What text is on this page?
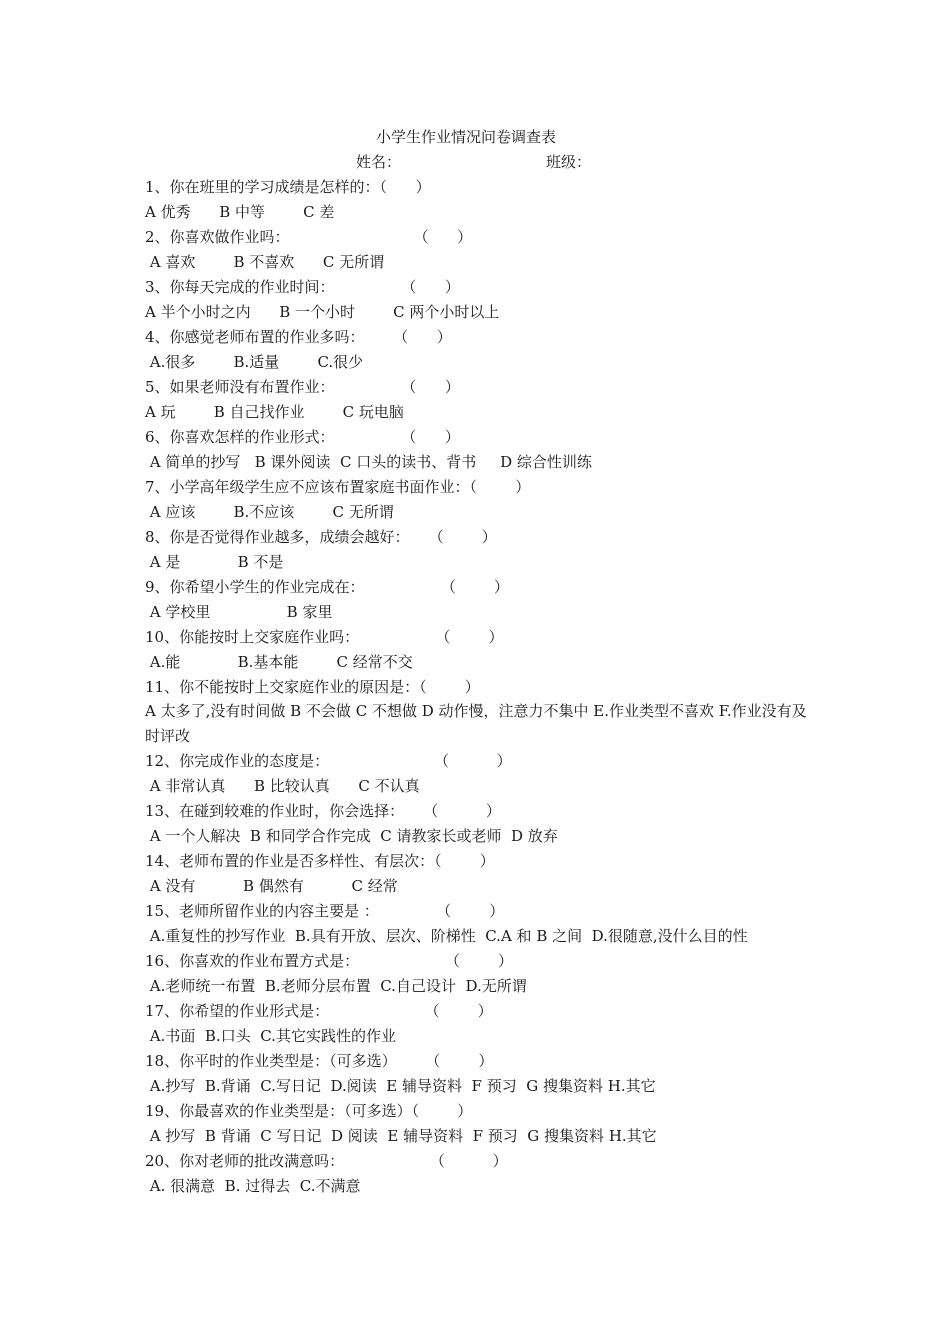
小学生作业情况问卷调查表
姓名：	班级：
1、你在班里的学习成绩是怎样的：（      ）
A 优秀      B 中等        C 差
2、你喜欢做作业吗：                          （      ）
A 喜欢        B 不喜欢      C 无所谓
3、你每天完成的作业时间：              （      ）
A 半个小时之内      B 一个小时        C 两个小时以上
4、你感觉老师布置的作业多吗：      （      ）
A.很多        B.适量        C.很少
5、如果老师没有布置作业：              （      ）
A 玩        B 自己找作业        C 玩电脑
6、你喜欢怎样的作业形式：              （      ）
A 简单的抄写   B 课外阅读  C 口头的读书、背书     D 综合性训练
7、小学高年级学生应不应该布置家庭书面作业：（        ）
A 应该        B.不应该        C 无所谓
8、你是否觉得作业越多，成绩会越好：    （        ）
A 是            B 不是
9、你希望小学生的作业完成在：                （        ）
A 学校里                B 家里
10、你能按时上交家庭作业吗：                （        ）
A.能            B.基本能        C 经常不交
11、你不能按时上交家庭作业的原因是：（        ）
A 太多了,没有时间做 B 不会做 C 不想做 D 动作慢，注意力不集中 E.作业类型不喜欢 F.作业没有及时评改
12、你完成作业的态度是：                      （          ）
A 非常认真      B 比较认真      C 不认真
13、在碰到较难的作业时，你会选择：    （          ）
A 一个人解决  B 和同学合作完成  C 请教家长或老师  D 放弃
14、老师布置的作业是否多样性、有层次：（        ）
A 没有          B 偶然有          C 经常
15、老师所留作业的内容主要是 ：            （        ）
A.重复性的抄写作业  B.具有开放、层次、阶梯性  C.A 和 B 之间  D.很随意,没什么目的性
16、你喜欢的作业布置方式是：                  （        ）
A.老师统一布置  B.老师分层布置  C.自己设计  D.无所谓
17、你希望的作业形式是：                    （        ）
A.书面  B.口头  C.其它实践性的作业
18、你平时的作业类型是：（可多选）      （        ）
A.抄写  B.背诵  C.写日记  D.阅读  E 辅导资料  F 预习  G 搜集资料 H.其它
19、你最喜欢的作业类型是：（可多选）（        ）
A 抄写  B 背诵  C 写日记  D 阅读  E 辅导资料  F 预习  G 搜集资料 H.其它
20、你对老师的批改满意吗：                  （          ）
A. 很满意  B. 过得去  C.不满意
